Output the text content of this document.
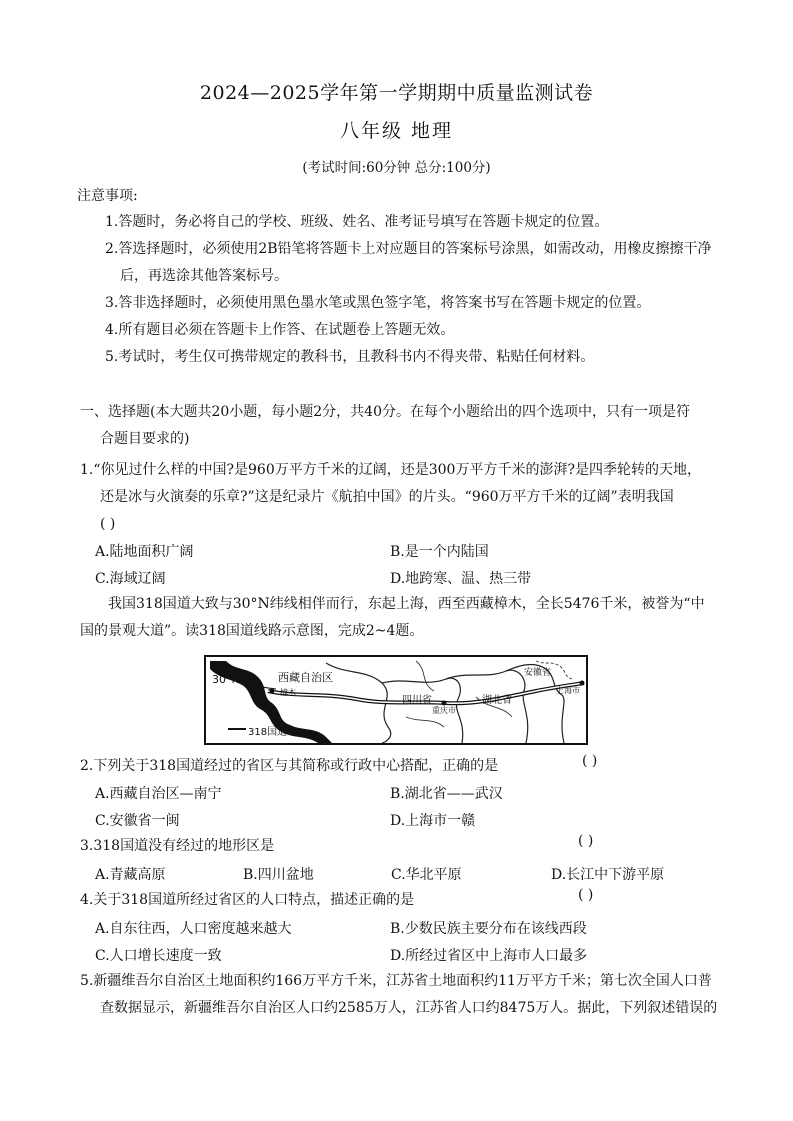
2024—2025学年第一学期期中质量监测试卷
八年级 地理
(考试时间:60分钟 总分:100分)
注意事项:
1.答题时，务必将自己的学校、班级、姓名、准考证号填写在答题卡规定的位置。
2.答选择题时，必须使用2B铅笔将答题卡上对应题目的答案标号涂黑，如需改动，用橡皮擦擦干净
后，再选涂其他答案标号。
3.答非选择题时，必须使用黑色墨水笔或黑色签字笔，将答案书写在答题卡规定的位置。
4.所有题目必须在答题卡上作答、在试题卷上答题无效。
5.考试时，考生仅可携带规定的教科书，且教科书内不得夹带、粘贴任何材料。
一、选择题(本大题共20小题，每小题2分，共40分。在每个小题给出的四个选项中，只有一项是符
合题目要求的)
1.“你见过什么样的中国?是960万平方千米的辽阔，还是300万平方千米的澎湃?是四季轮转的天地，
还是冰与火演奏的乐章?”这是纪录片《航拍中国》的片头。“960万平方千米的辽阔”表明我国
( )
A.陆地面积广阔	B.是一个内陆国
C.海域辽阔	D.地跨寒、温、热三带
我国318国道大致与30°N纬线相伴而行，东起上海，西至西藏樟木，全长5476千米，被誉为“中
国的景观大道”。读318国道线路示意图，完成2~4题。
30°N	西藏自治区
樟木
四川省	湖北省
安徽省
上海市
重庆市
318国道
2.下列关于318国道经过的省区与其简称或行政中心搭配，正确的是	( )
A.西藏自治区—南宁	B.湖北省——武汉
C.安徽省一闽	D.上海市一赣
3.318国道没有经过的地形区是	( )
A.青藏高原	B.四川盆地	C.华北平原	D.长江中下游平原
4.关于318国道所经过省区的人口特点，描述正确的是	( )
A.自东往西，人口密度越来越大	B.少数民族主要分布在该线西段
C.人口增长速度一致	D.所经过省区中上海市人口最多
5.新疆维吾尔自治区土地面积约166万平方千米，江苏省土地面积约11万平方千米；第七次全国人口普
查数据显示，新疆维吾尔自治区人口约2585万人，江苏省人口约8475万人。据此，下列叙述错误的
